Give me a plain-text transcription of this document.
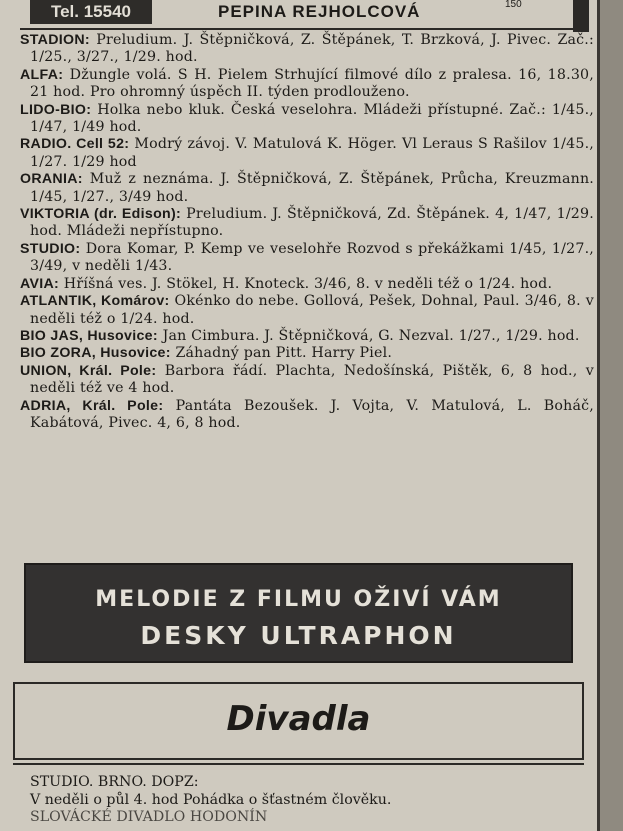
Tel. 15540	PEPINA REJHOLCOVÁ	150
STADION: Preludium. J. Štěpničková, Z. Štěpánek, T. Brzková, J. Pivec. Zač.: 1/25., 3/27., 1/29. hod.
ALFA: Džungle volá. S H. Pielem Strhující filmové dílo z pralesa. 16, 18.30, 21 hod. Pro ohromný úspěch II. týden prodlouženo.
LIDO-BIO: Holka nebo kluk. Česká veselohra. Mládeži přístupné. Zač.: 1/45., 1/47, 1/49 hod.
RADIO. Cell 52: Modrý závoj. V. Matulová K. Höger. Vl Leraus S Rašilov 1/45., 1/27. 1/29 hod
ORANIA: Muž z neznáma. J. Štěpničková, Z. Štěpánek, Průcha, Kreuzmann. 1/45, 1/27., 3/49 hod.
VIKTORIA (dr. Edison): Preludium. J. Štěpničková, Zd. Štěpánek. 4, 1/47, 1/29. hod. Mládeži nepřístupno.
STUDIO: Dora Komar, P. Kemp ve veselohře Rozvod s překážkami 1/45, 1/27., 3/49, v neděli 1/43.
AVIA: Hříšná ves. J. Stökel, H. Knoteck. 3/46, 8. v neděli též o 1/24. hod.
ATLANTIK, Komárov: Okénko do nebe. Gollová, Pešek, Dohnal, Paul. 3/46, 8. v neděli též o 1/24. hod.
BIO JAS, Husovice: Jan Cimbura. J. Štěpničková, G. Nezval. 1/27., 1/29. hod.
BIO ZORA, Husovice: Záhadný pan Pitt. Harry Piel.
UNION, Král. Pole: Barbora řádí. Plachta, Nedošínská, Pištěk, 6, 8 hod., v neděli též ve 4 hod.
ADRIA, Král. Pole: Pantáta Bezoušek. J. Vojta, V. Matulová, L. Boháč, Kabátová, Pivec. 4, 6, 8 hod.
MELODIE Z FILMU OŽIVÍ VÁM
DESKY ULTRAPHON
Divadla
STUDIO. BRNO. DOPZ:
V neděli o půl 4. hod Pohádka o šťastném člověku.
SLOVÁCKÉ DIVADLO HODONÍN
